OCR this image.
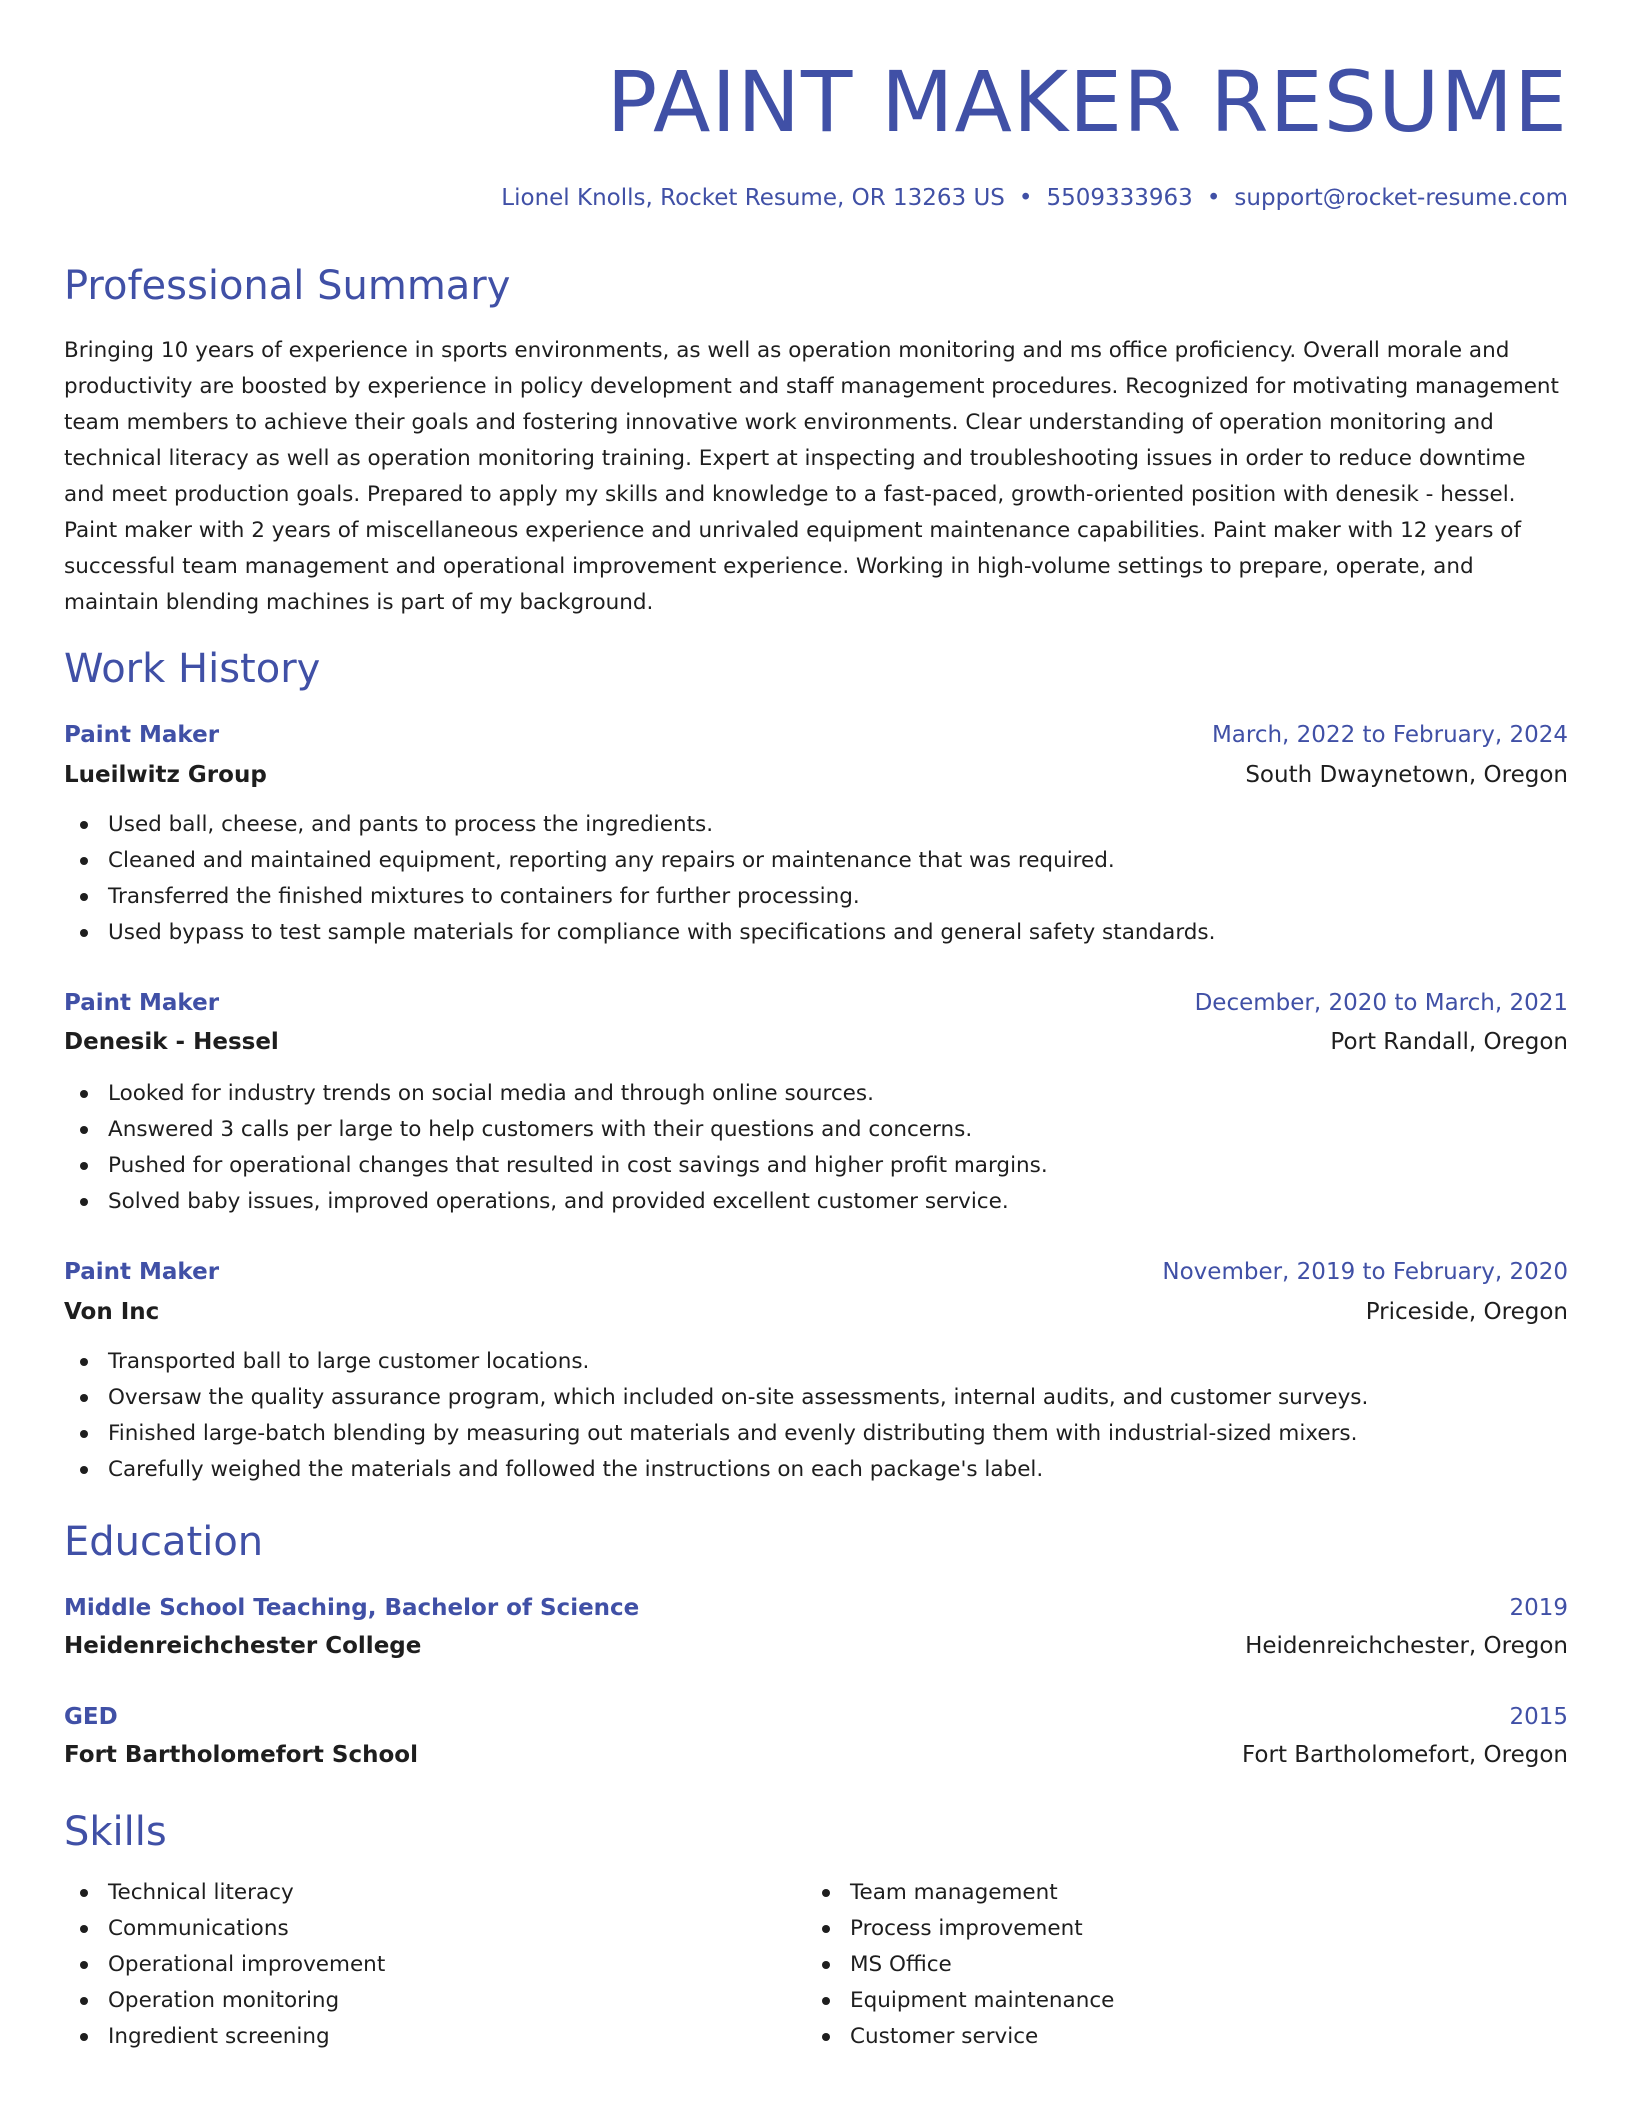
PAINT MAKER RESUME
Lionel Knolls, Rocket Resume, OR 13263 US • 5509333963 • support@rocket-resume.com
Professional Summary

Bringing 10 years of experience in sports environments, as well as operation monitoring and ms office proficiency. Overall morale and productivity are boosted by experience in policy development and staff management procedures. Recognized for motivating management team members to achieve their goals and fostering innovative work environments. Clear understanding of operation monitoring and technical literacy as well as operation monitoring training. Expert at inspecting and troubleshooting issues in order to reduce downtime and meet production goals. Prepared to apply my skills and knowledge to a fast-paced, growth-oriented position with denesik - hessel. Paint maker with 2 years of miscellaneous experience and unrivaled equipment maintenance capabilities. Paint maker with 12 years of successful team management and operational improvement experience. Working in high-volume settings to prepare, operate, and maintain blending machines is part of my background.

Work History
Paint Maker	March, 2022 to February, 2024
Lueilwitz Group	South Dwaynetown, Oregon
Used ball, cheese, and pants to process the ingredients.
Cleaned and maintained equipment, reporting any repairs or maintenance that was required.
Transferred the finished mixtures to containers for further processing.
Used bypass to test sample materials for compliance with specifications and general safety standards.
Paint Maker	December, 2020 to March, 2021
Denesik - Hessel	Port Randall, Oregon
Looked for industry trends on social media and through online sources.
Answered 3 calls per large to help customers with their questions and concerns.
Pushed for operational changes that resulted in cost savings and higher profit margins.
Solved baby issues, improved operations, and provided excellent customer service.
Paint Maker	November, 2019 to February, 2020
Von Inc	Priceside, Oregon
Transported ball to large customer locations.
Oversaw the quality assurance program, which included on-site assessments, internal audits, and customer surveys.
Finished large-batch blending by measuring out materials and evenly distributing them with industrial-sized mixers.
Carefully weighed the materials and followed the instructions on each package's label.
Education
Middle School Teaching, Bachelor of Science	2019
Heidenreichchester College	Heidenreichchester, Oregon
GED	2015
Fort Bartholomefort School	Fort Bartholomefort, Oregon
Skills
Technical literacy
Communications
Operational improvement
Operation monitoring
Ingredient screening
Team management
Process improvement
MS Office
Equipment maintenance
Customer service
